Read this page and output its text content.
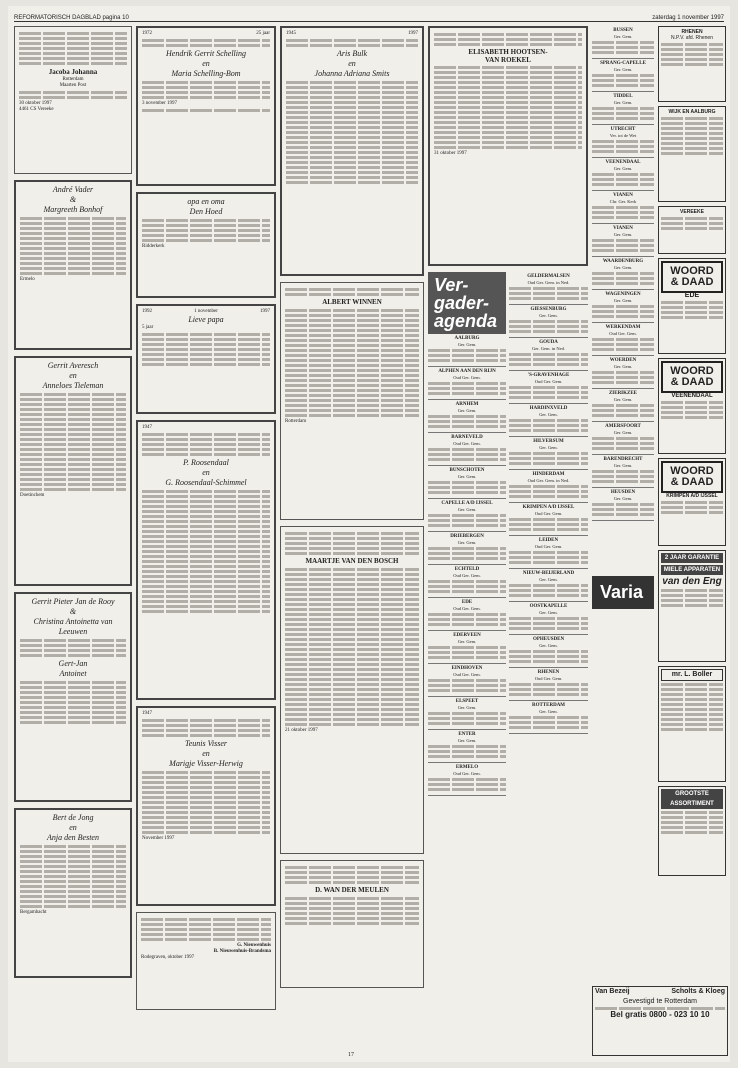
REFORMATORISCH DAGBLAD pagina 10	zaterdag 1 november 1997
Jacoba Johanna
Rotterdam
Maarten Post
30 oktober 1997
4461 CS Vereeke
André Vader
&
Margreeth Bonhof
Ermelo
Gerrit Averesch
en
Anneloes Tieleman
Doetinchem
Gerrit Pieter Jan de Rooy
&
Christina Antoinetta van Leeuwen
Gert-Jan
Antoinet
Bert de Jong
en
Anja den Besten
Bergambacht
1972	25 jaar
Hendrik Gerrit Schelling
en
Maria Schelling-Bom
3 november 1997
opa en oma
Den Hoed
Ridderkerk
1992	1 november	1997
Lieve papa
5 jaar
1947
P. Roosendaal
en
G. Roosendaal-Schimmel
1947
Teunis Visser
en
Marigje Visser-Herwig
November 1997
G. Nieuwenhuis
B. Nieuwenhuis-Brandsma
Rodegraven, oktober 1997
1945	1997
Aris Bulk
en
Johanna Adriana Smits
ALBERT WINNEN
Rotterdam
MAARTJE VAN DEN BOSCH
21 oktober 1997
D. WAN DER MEULEN
ELISABETH HOOTSEN-
VAN ROEKEL
31 oktober 1997
Ver-
gader-
agenda
AALBURG
Ger. Gem.
ALPHEN AAN DEN RIJN
Oud Ger. Gem.
ARNHEM
Ger. Gem.
BARNEVELD
Oud Ger. Gem.
BUNSCHOTEN
Ger. Gem.
CAPELLE A/D IJSSEL
Ger. Gem.
DRIEBERGEN
Ger. Gem.
ECHTELD
Oud Ger. Gem.
EDE
Oud Ger. Gem.
EDERVEEN
Ger. Gem.
EINDHOVEN
Oud Ger. Gem.
ELSPEET
Ger. Gem.
ENTER
Ger. Gem.
ERMELO
Oud Ger. Gem.
GELDERMALSEN
Oud Ger. Gem. in Ned.
GIESSENBURG
Ger. Gem.
GOUDA
Ger. Gem. in Ned.
'S-GRAVENHAGE
Oud Ger. Gem.
HARDINXVELD
Ger. Gem.
HILVERSUM
Ger. Gem.
HINDERDAM
Oud Ger. Gem. in Ned.
KRIMPEN A/D IJSSEL
Oud Ger. Gem.
LEIDEN
Oud Ger. Gem.
NIEUW-BEIJERLAND
Ger. Gem.
OOSTKAPELLE
Ger. Gem.
OPHEUSDEN
Ger. Gem.
RHENEN
Oud Ger. Gem.
ROTTERDAM
Ger. Gem.
BUSSEN
Ger. Gem.
SPRANG-CAPELLE
Ger. Gem.
TIDDEL
Ger. Gem.
UTRECHT
Ver. tot de Wet
VEENENDAAL
Ger. Gem.
VIANEN
Chr. Ger. Kerk
VIANEN
Ger. Gem.
WAARDENBURG
Ger. Gem.
WAGENINGEN
Ger. Gem.
WERKENDAM
Oud Ger. Gem.
WOERDEN
Ger. Gem.
ZIERIKZEE
Ger. Gem.
AMERSFOORT
Ger. Gem.
BARENDRECHT
Ger. Gem.
HEUSDEN
Ger. Gem.
RHENEN
N.P.V. afd. Rhenen
WIJK EN AALBURG
VEREEKE
WOORD
& DAAD
EDE
WOORD
& DAAD
VEENENDAAL
WOORD
& DAAD
KRIMPEN A/D IJSSEL
2 JAAR GARANTIE
MIELE APPARATEN
van den Eng
mr. L. Boller
GROOTSTE
ASSORTIMENT
Varia
Van Bezeij	Scholts & Kloeg
Gevestigd te Rotterdam
Bel gratis 0800 - 023 10 10
17
